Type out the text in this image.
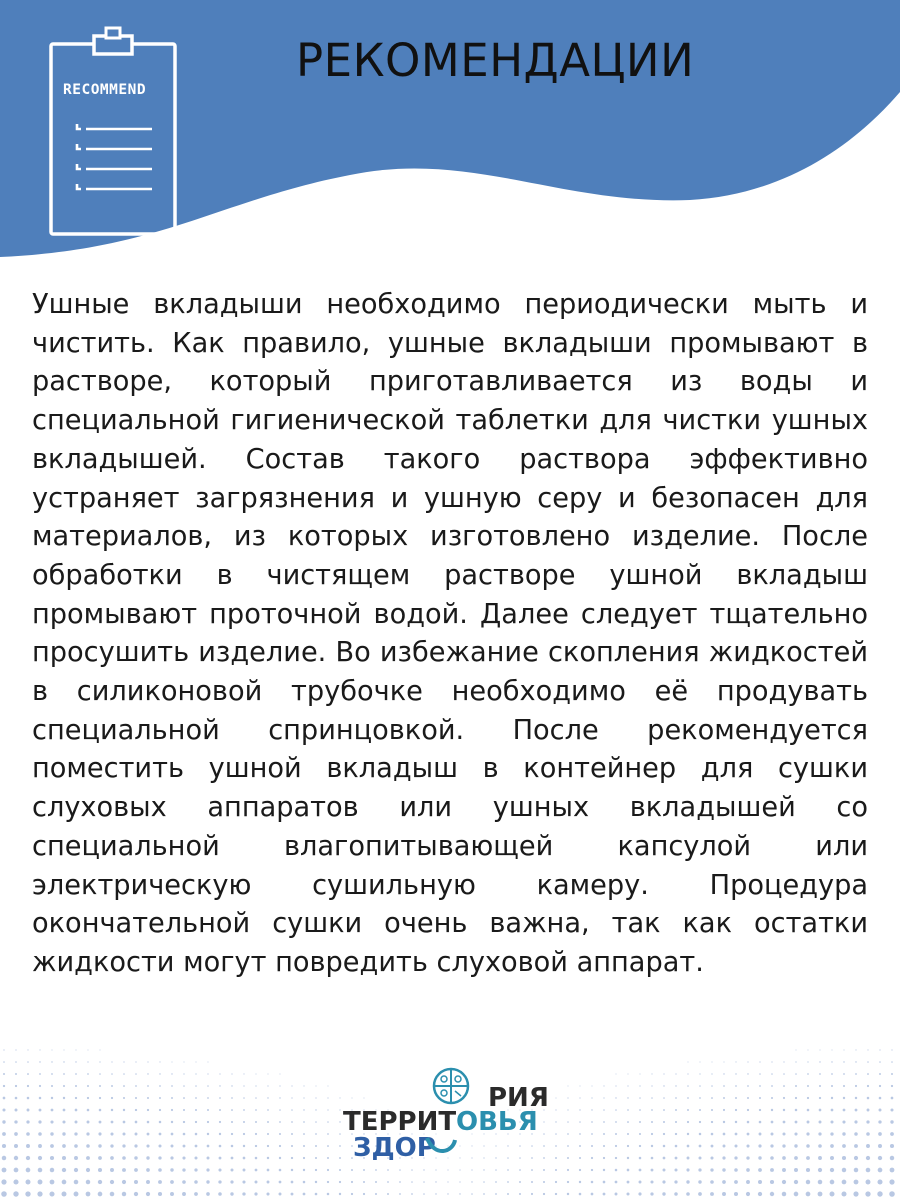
RECOMMEND
РЕКОМЕНДАЦИИ

Ушные вкладыши необходимо периодически мыть и чистить. Как правило, ушные вкладыши промывают в растворе, который приготавливается из воды и специальной гигиенической таблетки для чистки ушных вкладышей. Состав такого раствора эффективно устраняет загрязнения и ушную серу и безопасен для материалов, из которых изготовлено изделие. После обработки в чистящем растворе ушной вкладыш промывают проточной водой. Далее следует тщательно просушить изделие. Во избежание скопления жидкостей в силиконовой трубочке необходимо её продувать специальной спринцовкой. После рекомендуется поместить ушной вкладыш в контейнер для сушки слуховых аппаратов или ушных вкладышей со специальной влагопитывающей капсулой или электрическую сушильную камеру. Процедура окончательной сушки очень важна, так как остатки жидкости могут повредить слуховой аппарат.

РИЯ
ТЕРРИТ ОВЬЯ
ЗДОР
